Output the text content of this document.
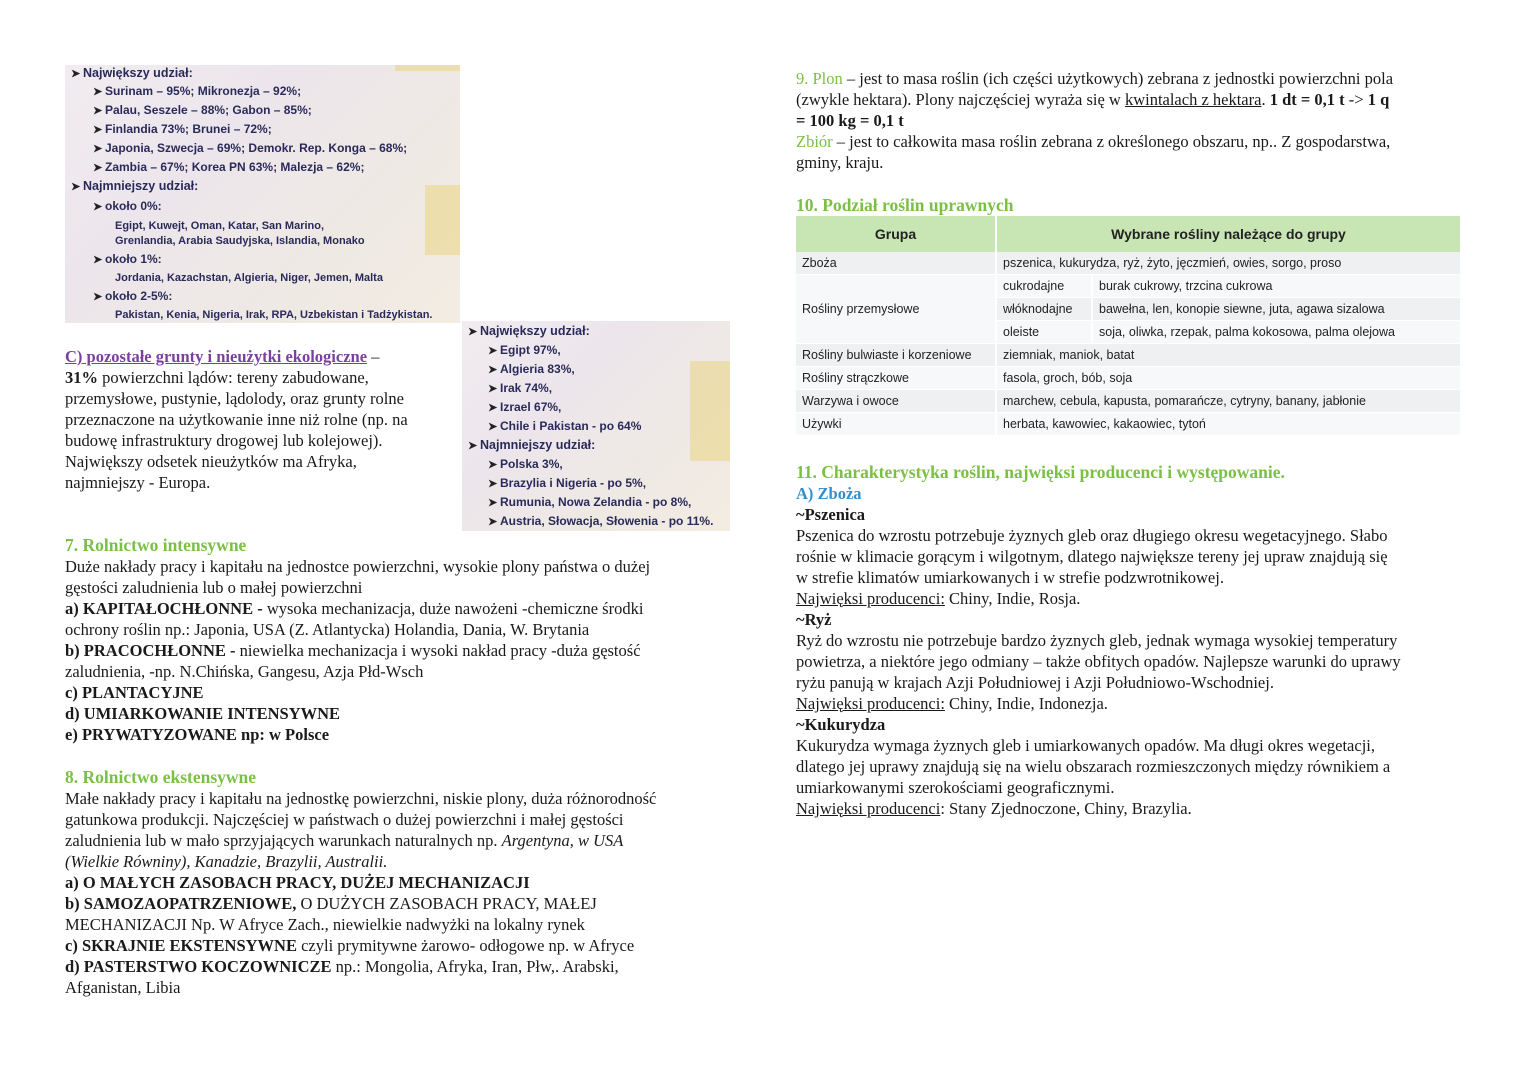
➤ Największy udział:
➤ Surinam – 95%; Mikronezja – 92%;
➤ Palau, Seszele – 88%; Gabon – 85%;
➤ Finlandia 73%; Brunei – 72%;
➤ Japonia, Szwecja – 69%; Demokr. Rep. Konga – 68%;
➤ Zambia – 67%; Korea PN 63%; Malezja – 62%;
➤ Najmniejszy udział:
➤ około 0%:
Egipt, Kuwejt, Oman, Katar, San Marino,
Grenlandia, Arabia Saudyjska, Islandia, Monako
➤ około 1%:
Jordania, Kazachstan, Algieria, Niger, Jemen, Malta
➤ około 2-5%:
Pakistan, Kenia, Nigeria, Irak, RPA, Uzbekistan i Tadżykistan.
➤ Największy udział:
➤ Egipt 97%,
➤ Algieria 83%,
➤ Irak 74%,
➤ Izrael 67%,
➤ Chile i Pakistan - po 64%
➤ Najmniejszy udział:
➤ Polska 3%,
➤ Brazylia i Nigeria - po 5%,
➤ Rumunia, Nowa Zelandia - po 8%,
➤ Austria, Słowacja, Słowenia - po 11%.
C) pozostałe grunty i nieużytki ekologiczne –
31% powierzchni lądów: tereny zabudowane,
przemysłowe, pustynie, lądolody, oraz grunty rolne
przeznaczone na użytkowanie inne niż rolne (np. na
budowę infrastruktury drogowej lub kolejowej).
Największy odsetek nieużytków ma Afryka,
najmniejszy - Europa.
7. Rolnictwo intensywne
Duże nakłady pracy i kapitału na jednostce powierzchni, wysokie plony państwa o dużej
gęstości zaludnienia lub o małej powierzchni
a) KAPITAŁOCHŁONNE - wysoka mechanizacja, duże nawożeni -chemiczne środki
ochrony roślin np.: Japonia, USA (Z. Atlantycka) Holandia, Dania, W. Brytania
b) PRACOCHŁONNE - niewielka mechanizacja i wysoki nakład pracy -duża gęstość
zaludnienia, -np. N.Chińska, Gangesu, Azja Płd-Wsch
c) PLANTACYJNE
d) UMIARKOWANIE INTENSYWNE
e) PRYWATYZOWANE np: w Polsce
8. Rolnictwo ekstensywne
Małe nakłady pracy i kapitału na jednostkę powierzchni, niskie plony, duża różnorodność
gatunkowa produkcji. Najczęściej w państwach o dużej powierzchni i małej gęstości
zaludnienia lub w mało sprzyjających warunkach naturalnych np. Argentyna, w USA
(Wielkie Równiny), Kanadzie, Brazylii, Australii.
a) O MAŁYCH ZASOBACH PRACY, DUŻEJ MECHANIZACJI
b) SAMOZAOPATRZENIOWE, O DUŻYCH ZASOBACH PRACY, MAŁEJ
MECHANIZACJI Np. W Afryce Zach., niewielkie nadwyżki na lokalny rynek
c) SKRAJNIE EKSTENSYWNE czyli prymitywne żarowo- odłogowe np. w Afryce
d) PASTERSTWO KOCZOWNICZE np.: Mongolia, Afryka, Iran, Płw,. Arabski,
Afganistan, Libia
9. Plon – jest to masa roślin (ich części użytkowych) zebrana z jednostki powierzchni pola
(zwykle hektara). Plony najczęściej wyraża się w kwintalach z hektara. 1 dt = 0,1 t -> 1 q
= 100 kg = 0,1 t
Zbiór – jest to całkowita masa roślin zebrana z określonego obszaru, np.. Z gospodarstwa,
gminy, kraju.
10. Podział roślin uprawnych
Grupa	Wybrane rośliny należące do grupy	
Zboża	pszenica, kukurydza, ryż, żyto, jęczmień, owies, sorgo, proso	
Rośliny przemysłowe	cukrodajne	burak cukrowy, trzcina cukrowa
	włóknodajne	bawełna, len, konopie siewne, juta, agawa sizalowa
	oleiste	soja, oliwka, rzepak, palma kokosowa, palma olejowa
Rośliny bulwiaste i korzeniowe	ziemniak, maniok, batat	
Rośliny strączkowe	fasola, groch, bób, soja	
Warzywa i owoce	marchew, cebula, kapusta, pomarańcze, cytryny, banany, jabłonie	
Używki	herbata, kawowiec, kakaowiec, tytoń	
11. Charakterystyka roślin, najwięksi producenci i występowanie.
A) Zboża
~Pszenica
Pszenica do wzrostu potrzebuje żyznych gleb oraz długiego okresu wegetacyjnego. Słabo
rośnie w klimacie gorącym i wilgotnym, dlatego największe tereny jej upraw znajdują się
w strefie klimatów umiarkowanych i w strefie podzwrotnikowej.
Najwięksi producenci: Chiny, Indie, Rosja.
~Ryż
Ryż do wzrostu nie potrzebuje bardzo żyznych gleb, jednak wymaga wysokiej temperatury
powietrza, a niektóre jego odmiany – także obfitych opadów. Najlepsze warunki do uprawy
ryżu panują w krajach Azji Południowej i Azji Południowo-Wschodniej.
Najwięksi producenci: Chiny, Indie, Indonezja.
~Kukurydza
Kukurydza wymaga żyznych gleb i umiarkowanych opadów. Ma długi okres wegetacji,
dlatego jej uprawy znajdują się na wielu obszarach rozmieszczonych między równikiem a
umiarkowanymi szerokościami geograficznymi.
Najwięksi producenci: Stany Zjednoczone, Chiny, Brazylia.
